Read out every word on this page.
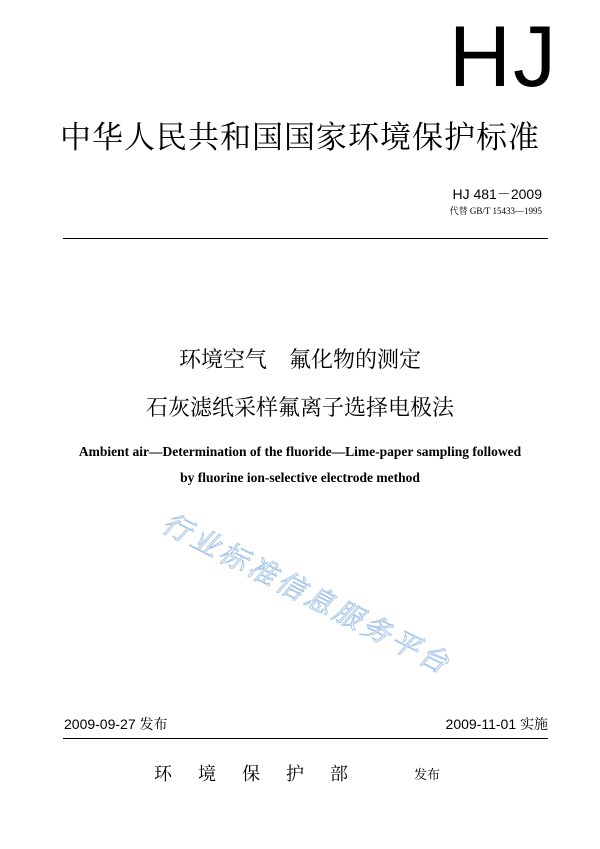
HJ
中华人民共和国国家环境保护标准
HJ 481－2009
代替 GB/T 15433—1995
环境空气　氟化物的测定
石灰滤纸采样氟离子选择电极法
Ambient air—Determination of the fluoride—Lime-paper sampling followed
by fluorine ion-selective electrode method
行业标准信息服务平台
2009-09-27 发布	2009-11-01 实施
环境保护部	发布
